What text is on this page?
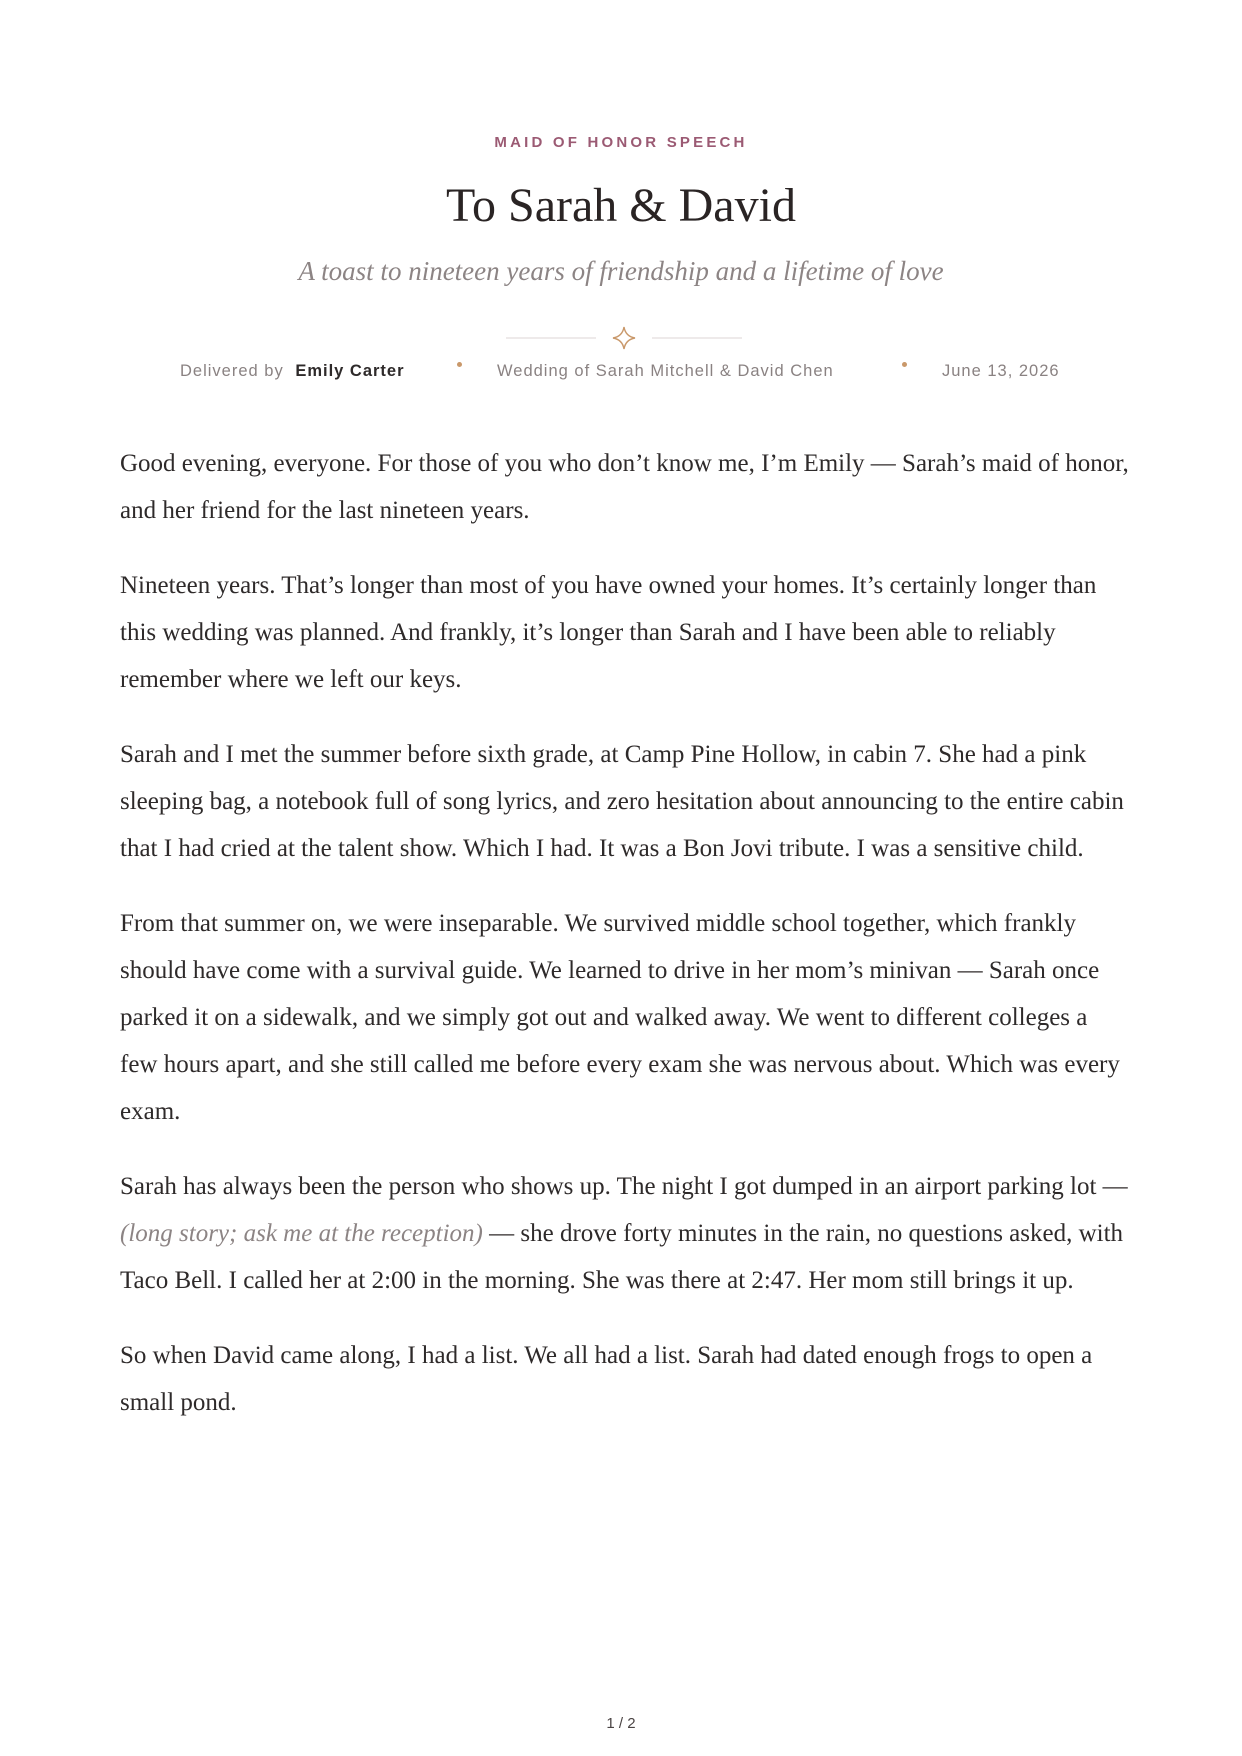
MAID OF HONOR SPEECH
To Sarah & David
A toast to nineteen years of friendship and a lifetime of love
Delivered by Emily Carter	Wedding of Sarah Mitchell & David Chen	June 13, 2026

Good evening, everyone. For those of you who don’t know me, I’m Emily — Sarah’s maid of honor, and her friend for the last nineteen years.

Nineteen years. That’s longer than most of you have owned your homes. It’s certainly longer than this wedding was planned. And frankly, it’s longer than Sarah and I have been able to reliably remember where we left our keys.

Sarah and I met the summer before sixth grade, at Camp Pine Hollow, in cabin 7. She had a pink sleeping bag, a notebook full of song lyrics, and zero hesitation about announcing to the entire cabin that I had cried at the talent show. Which I had. It was a Bon Jovi tribute. I was a sensitive child.

From that summer on, we were inseparable. We survived middle school together, which frankly should have come with a survival guide. We learned to drive in her mom’s minivan — Sarah once parked it on a sidewalk, and we simply got out and walked away. We went to different colleges a few hours apart, and she still called me before every exam she was nervous about. Which was every exam.

Sarah has always been the person who shows up. The night I got dumped in an airport parking lot — (long story; ask me at the reception) — she drove forty minutes in the rain, no questions asked, with Taco Bell. I called her at 2:00 in the morning. She was there at 2:47. Her mom still brings it up.

So when David came along, I had a list. We all had a list. Sarah had dated enough frogs to open a small pond.

1 / 2
